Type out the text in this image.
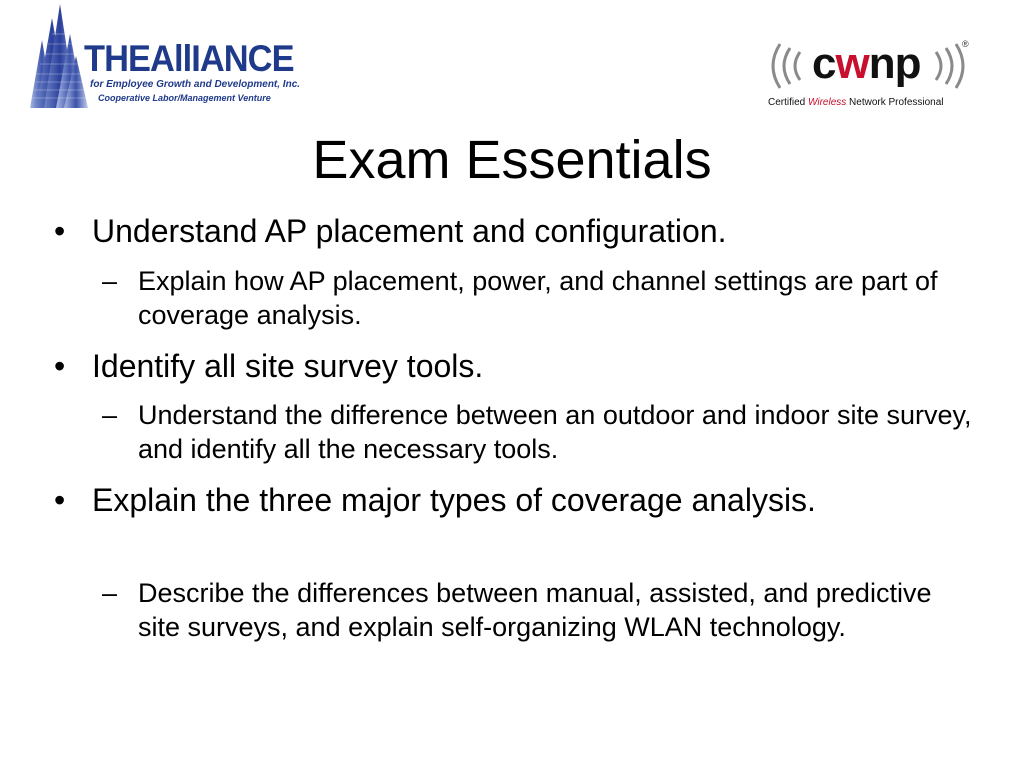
THEAllIANCE
for Employee Growth and Development, Inc.
Cooperative Labor/Management Venture
cwnp	®
Certified Wireless Network Professional
Exam Essentials
• Understand AP placement and configuration.
– Explain how AP placement, power, and channel settings are part of coverage analysis.
• Identify all site survey tools.
– Understand the difference between an outdoor and indoor site survey, and identify all the necessary tools.
• Explain the three major types of coverage analysis.
– Describe the differences between manual, assisted, and predictive site surveys, and explain self-organizing WLAN technology.
